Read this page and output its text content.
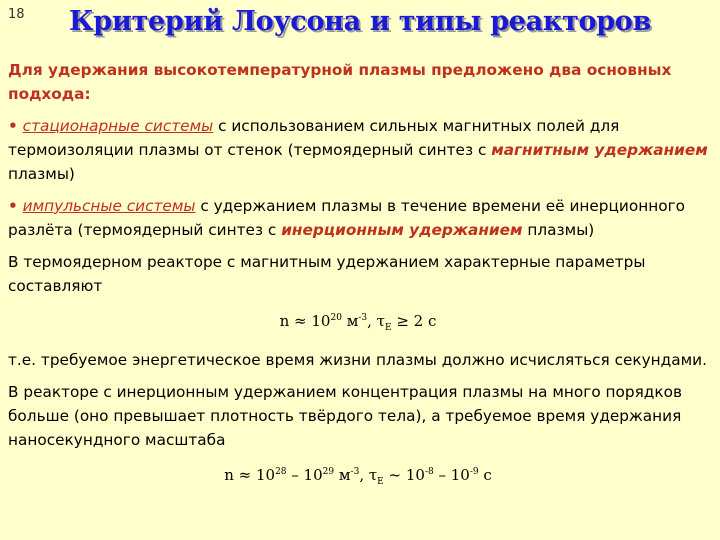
18	Критерий Лоусона и типы реакторов

Для удержания высокотемпературной плазмы предложено два основных подхода:

• стационарные системы с использованием сильных магнитных полей для термоизоляции плазмы от стенок (термоядерный синтез с магнитным удержанием плазмы)

• импульсные системы с удержанием плазмы в течение времени её инерционного разлёта (термоядерный синтез с инерционным удержанием плазмы)

В термоядерном реакторе с магнитным удержанием характерные параметры составляют

$n \approx 10^{20}$ $м^{-3}$, $\tau_E \ge 2$ с

т.е. требуемое энергетическое время жизни плазмы должно исчисляться секундами.

В реакторе с инерционным удержанием концентрация плазмы на много порядков больше (оно превышает плотность твёрдого тела), а требуемое время удержания наносекундного масштаба

$n \approx 10^{28} - 10^{29}$ $м^{-3}$, $\tau_E$ ~ $10^{-8} - 10^{-9}$ с
